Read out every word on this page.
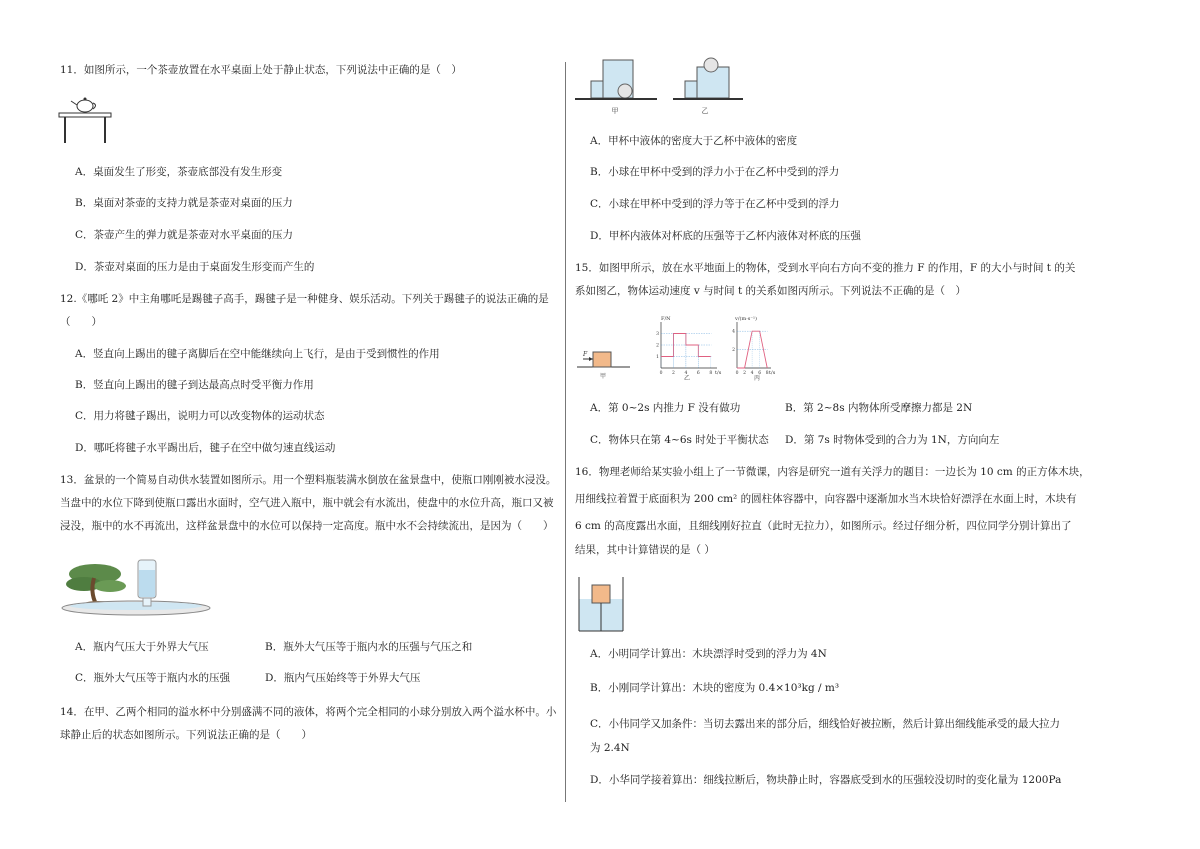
11．如图所示，一个茶壶放置在水平桌面上处于静止状态，下列说法中正确的是（　）
A．桌面发生了形变，茶壶底部没有发生形变
B．桌面对茶壶的支持力就是茶壶对桌面的压力
C．茶壶产生的弹力就是茶壶对水平桌面的压力
D．茶壶对桌面的压力是由于桌面发生形变而产生的
12.《哪吒 2》中主角哪吒是踢毽子高手，踢毽子是一种健身、娱乐活动。下列关于踢毽子的说法正确的是
（　　）
A．竖直向上踢出的毽子离脚后在空中能继续向上飞行，是由于受到惯性的作用
B．竖直向上踢出的毽子到达最高点时受平衡力作用
C．用力将毽子踢出，说明力可以改变物体的运动状态
D．哪吒将毽子水平踢出后，毽子在空中做匀速直线运动
13．盆景的一个简易自动供水装置如图所示。用一个塑料瓶装满水倒放在盆景盘中，使瓶口刚刚被水浸没。
当盘中的水位下降到使瓶口露出水面时，空气进入瓶中，瓶中就会有水流出，使盘中的水位升高，瓶口又被
浸没，瓶中的水不再流出，这样盆景盘中的水位可以保持一定高度。瓶中水不会持续流出，是因为（　　）
A．瓶内气压大于外界大气压	B．瓶外大气压等于瓶内水的压强与气压之和
C．瓶外大气压等于瓶内水的压强	D．瓶内气压始终等于外界大气压
14．在甲、乙两个相同的溢水杯中分别盛满不同的液体，将两个完全相同的小球分别放入两个溢水杯中。小
球静止后的状态如图所示。下列说法正确的是（　　）
甲	乙
A．甲杯中液体的密度大于乙杯中液体的密度
B．小球在甲杯中受到的浮力小于在乙杯中受到的浮力
C．小球在甲杯中受到的浮力等于在乙杯中受到的浮力
D．甲杯内液体对杯底的压强等于乙杯内液体对杯底的压强
15．如图甲所示，放在水平地面上的物体，受到水平向右方向不变的推力 F 的作用，F 的大小与时间 t 的关
系如图乙，物体运动速度 v 与时间 t 的关系如图丙所示。下列说法不正确的是（　）
F
甲
F/N
t/s
乙
0 2 4 6 8
1
2
3
v/(m·s⁻¹)
t/s
丙
0 2 4 6 8
2
4
A．第 0~2s 内推力 F 没有做功	B．第 2~8s 内物体所受摩擦力都是 2N
C．物体只在第 4~6s 时处于平衡状态 D．第 7s 时物体受到的合力为 1N，方向向左
16．物理老师给某实验小组上了一节微课，内容是研究一道有关浮力的题目：一边长为 10 cm 的正方体木块，
用细线拉着置于底面积为 200 cm² 的圆柱体容器中，向容器中逐渐加水当木块恰好漂浮在水面上时，木块有
6 cm 的高度露出水面，且细线刚好拉直（此时无拉力），如图所示。经过仔细分析，四位同学分别计算出了
结果，其中计算错误的是（ ）
A．小明同学计算出：木块漂浮时受到的浮力为 4N
B．小刚同学计算出：木块的密度为 0.4×10³kg / m³
C．小伟同学又加条件：当切去露出来的部分后，细线恰好被拉断，然后计算出细线能承受的最大拉力
为 2.4N
D．小华同学接着算出：细线拉断后，物块静止时，容器底受到水的压强较没切时的变化量为 1200Pa
